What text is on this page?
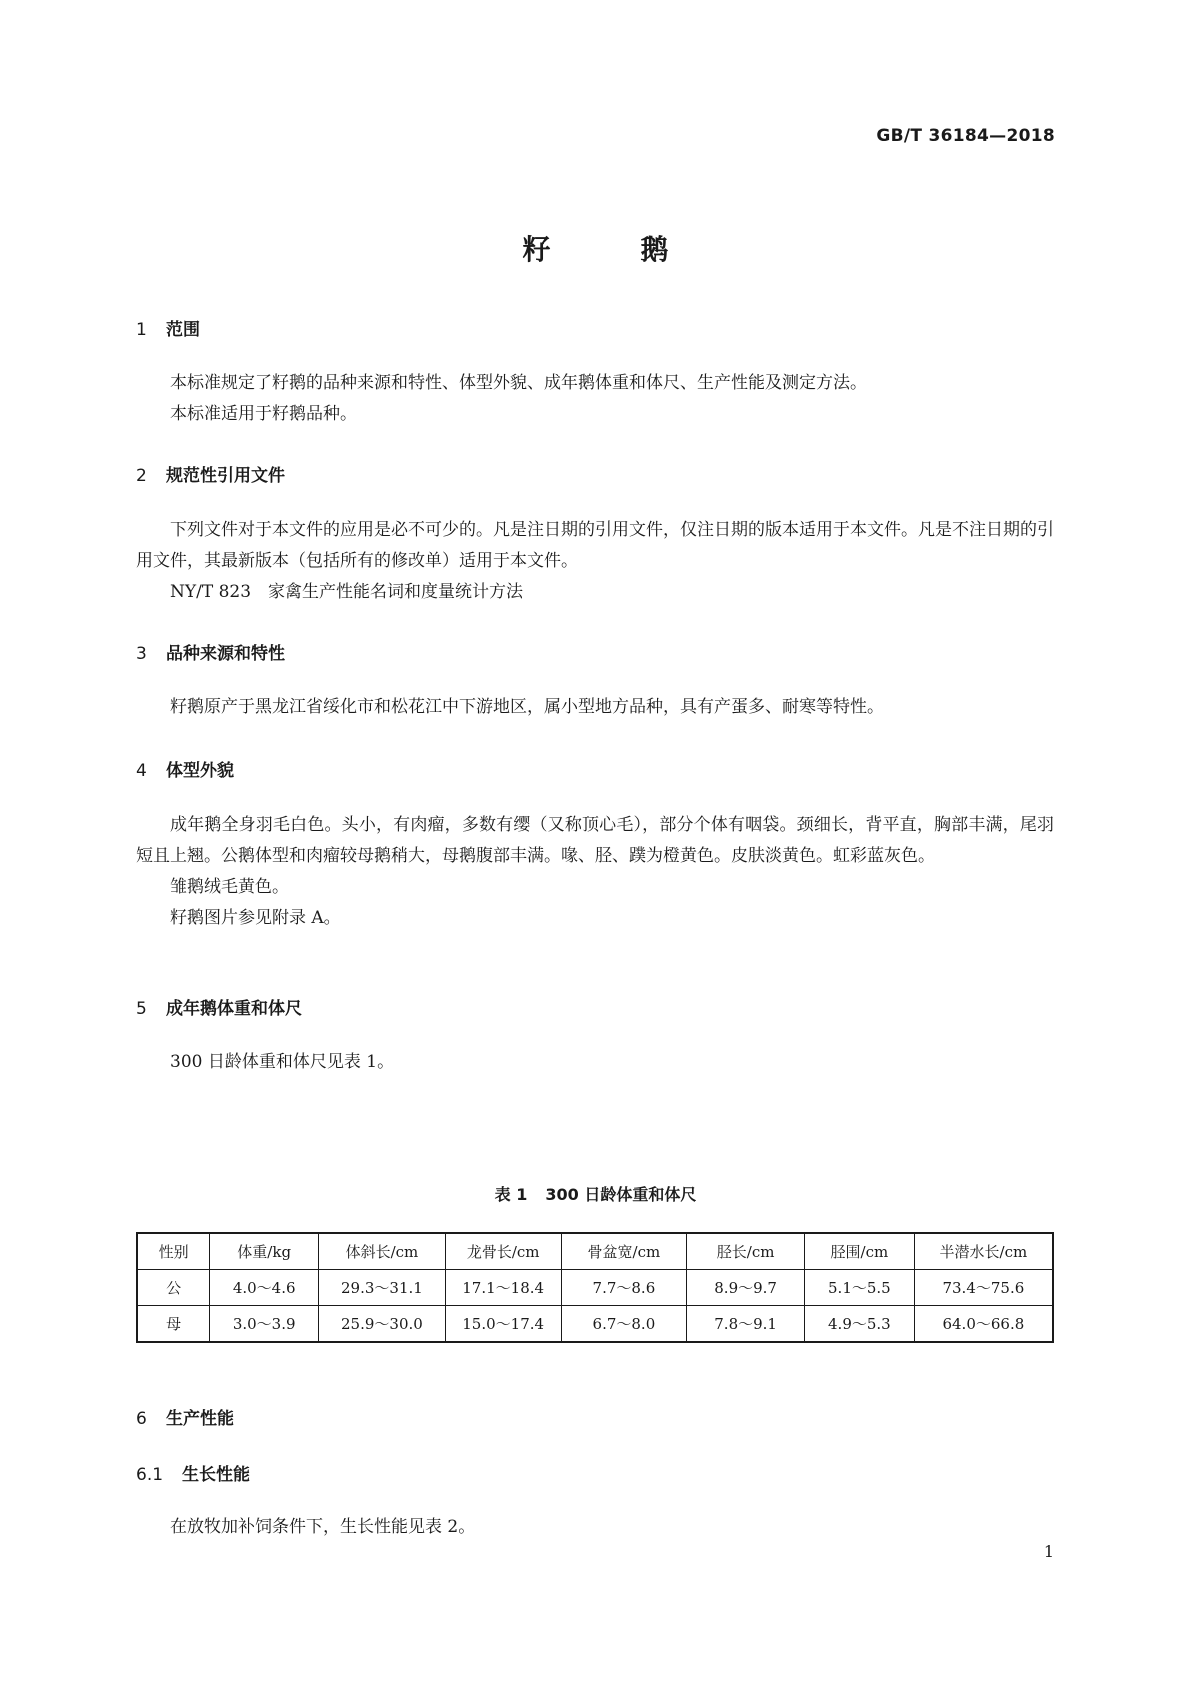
GB/T 36184—2018
籽	鹅
1 范围

本标准规定了籽鹅的品种来源和特性、体型外貌、成年鹅体重和体尺、生产性能及测定方法。

本标准适用于籽鹅品种。

2 规范性引用文件

下列文件对于本文件的应用是必不可少的。凡是注日期的引用文件，仅注日期的版本适用于本文件。凡是不注日期的引用文件，其最新版本（包括所有的修改单）适用于本文件。

NY/T 823　家禽生产性能名词和度量统计方法

3 品种来源和特性

籽鹅原产于黑龙江省绥化市和松花江中下游地区，属小型地方品种，具有产蛋多、耐寒等特性。

4 体型外貌

成年鹅全身羽毛白色。头小，有肉瘤，多数有缨（又称顶心毛），部分个体有咽袋。颈细长，背平直，胸部丰满，尾羽短且上翘。公鹅体型和肉瘤较母鹅稍大，母鹅腹部丰满。喙、胫、蹼为橙黄色。皮肤淡黄色。虹彩蓝灰色。

雏鹅绒毛黄色。

籽鹅图片参见附录 A。

5 成年鹅体重和体尺

300 日龄体重和体尺见表 1。

表 1 300 日龄体重和体尺
性别	体重/kg	体斜长/cm	龙骨长/cm	骨盆宽/cm	胫长/cm	胫围/cm	半潜水长/cm
公	4.0～4.6	29.3～31.1	17.1～18.4	7.7～8.6	8.9～9.7	5.1～5.5	73.4～75.6
母	3.0～3.9	25.9～30.0	15.0～17.4	6.7～8.0	7.8～9.1	4.9～5.3	64.0～66.8
6 生产性能
6.1 生长性能

在放牧加补饲条件下，生长性能见表 2。

1
